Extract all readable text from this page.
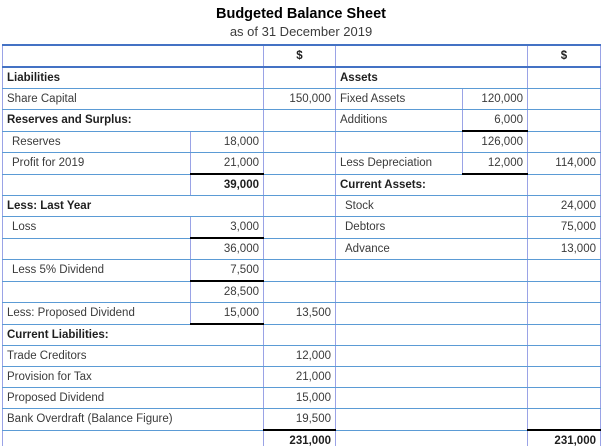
Budgeted Balance Sheet
as of 31 December 2019
		$			$
Liabilities			Assets		
Share Capital		150,000	Fixed Assets	120,000	
Reserves and Surplus:			Additions	6,000	
Reserves	18,000			126,000	
Profit for 2019	21,000		Less Depreciation	12,000	114,000
	39,000		Current Assets:		
Less: Last Year			Stock		24,000
Loss	3,000		Debtors		75,000
	36,000		Advance		13,000
Less 5% Dividend	7,500				
	28,500				
Less: Proposed Dividend	15,000	13,500			
Current Liabilities:					
Trade Creditors		12,000			
Provision for Tax		21,000			
Proposed Dividend		15,000			
Bank Overdraft (Balance Figure)		19,500			
		231,000			231,000
